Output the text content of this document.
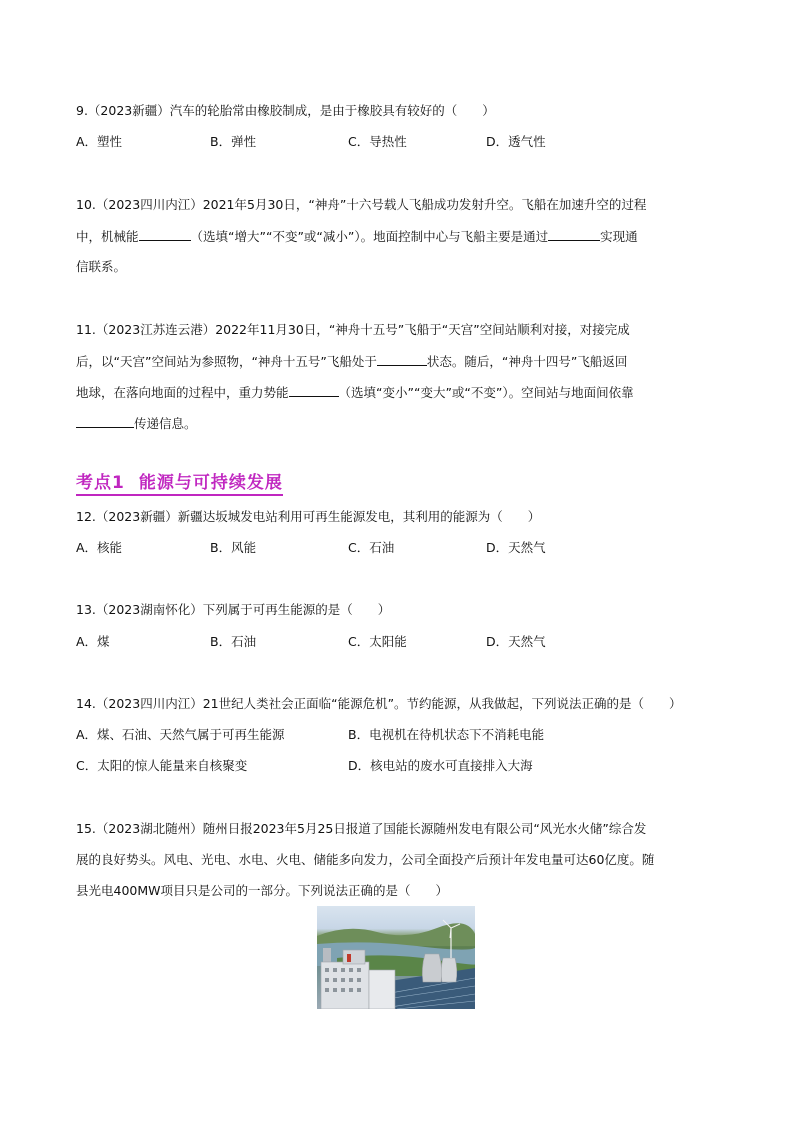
9.（2023新疆）汽车的轮胎常由橡胶制成，是由于橡胶具有较好的（　　）
A．塑性	B．弹性	C．导热性	D．透气性
10.（2023四川内江）2021年5月30日，“神舟”十六号载人飞船成功发射升空。飞船在加速升空的过程
中，机械能	（选填“增大”“不变”或“减小”）。地面控制中心与飞船主要是通过	实现通
信联系。
11.（2023江苏连云港）2022年11月30日，“神舟十五号”飞船于“天宫”空间站顺利对接，对接完成
后，以“天宫”空间站为参照物，“神舟十五号”飞船处于	状态。随后，“神舟十四号”飞船返回
地球，在落向地面的过程中，重力势能	（选填“变小”“变大”或“不变”）。空间站与地面间依靠
传递信息。
考点1 能源与可持续发展
12.（2023新疆）新疆达坂城发电站利用可再生能源发电，其利用的能源为（　　）
A．核能	B．风能	C．石油	D．天然气
13.（2023湖南怀化）下列属于可再生能源的是（　　）
A．煤	B．石油	C．太阳能	D．天然气
14.（2023四川内江）21世纪人类社会正面临“能源危机”。节约能源，从我做起，下列说法正确的是（　　）
A．煤、石油、天然气属于可再生能源	B．电视机在待机状态下不消耗电能
C．太阳的惊人能量来自核聚变	D．核电站的废水可直接排入大海
15.（2023湖北随州）随州日报2023年5月25日报道了国能长源随州发电有限公司“风光水火储”综合发
展的良好势头。风电、光电、水电、火电、储能多向发力，公司全面投产后预计年发电量可达60亿度。随
县光电400MW项目只是公司的一部分。下列说法正确的是（　　）
